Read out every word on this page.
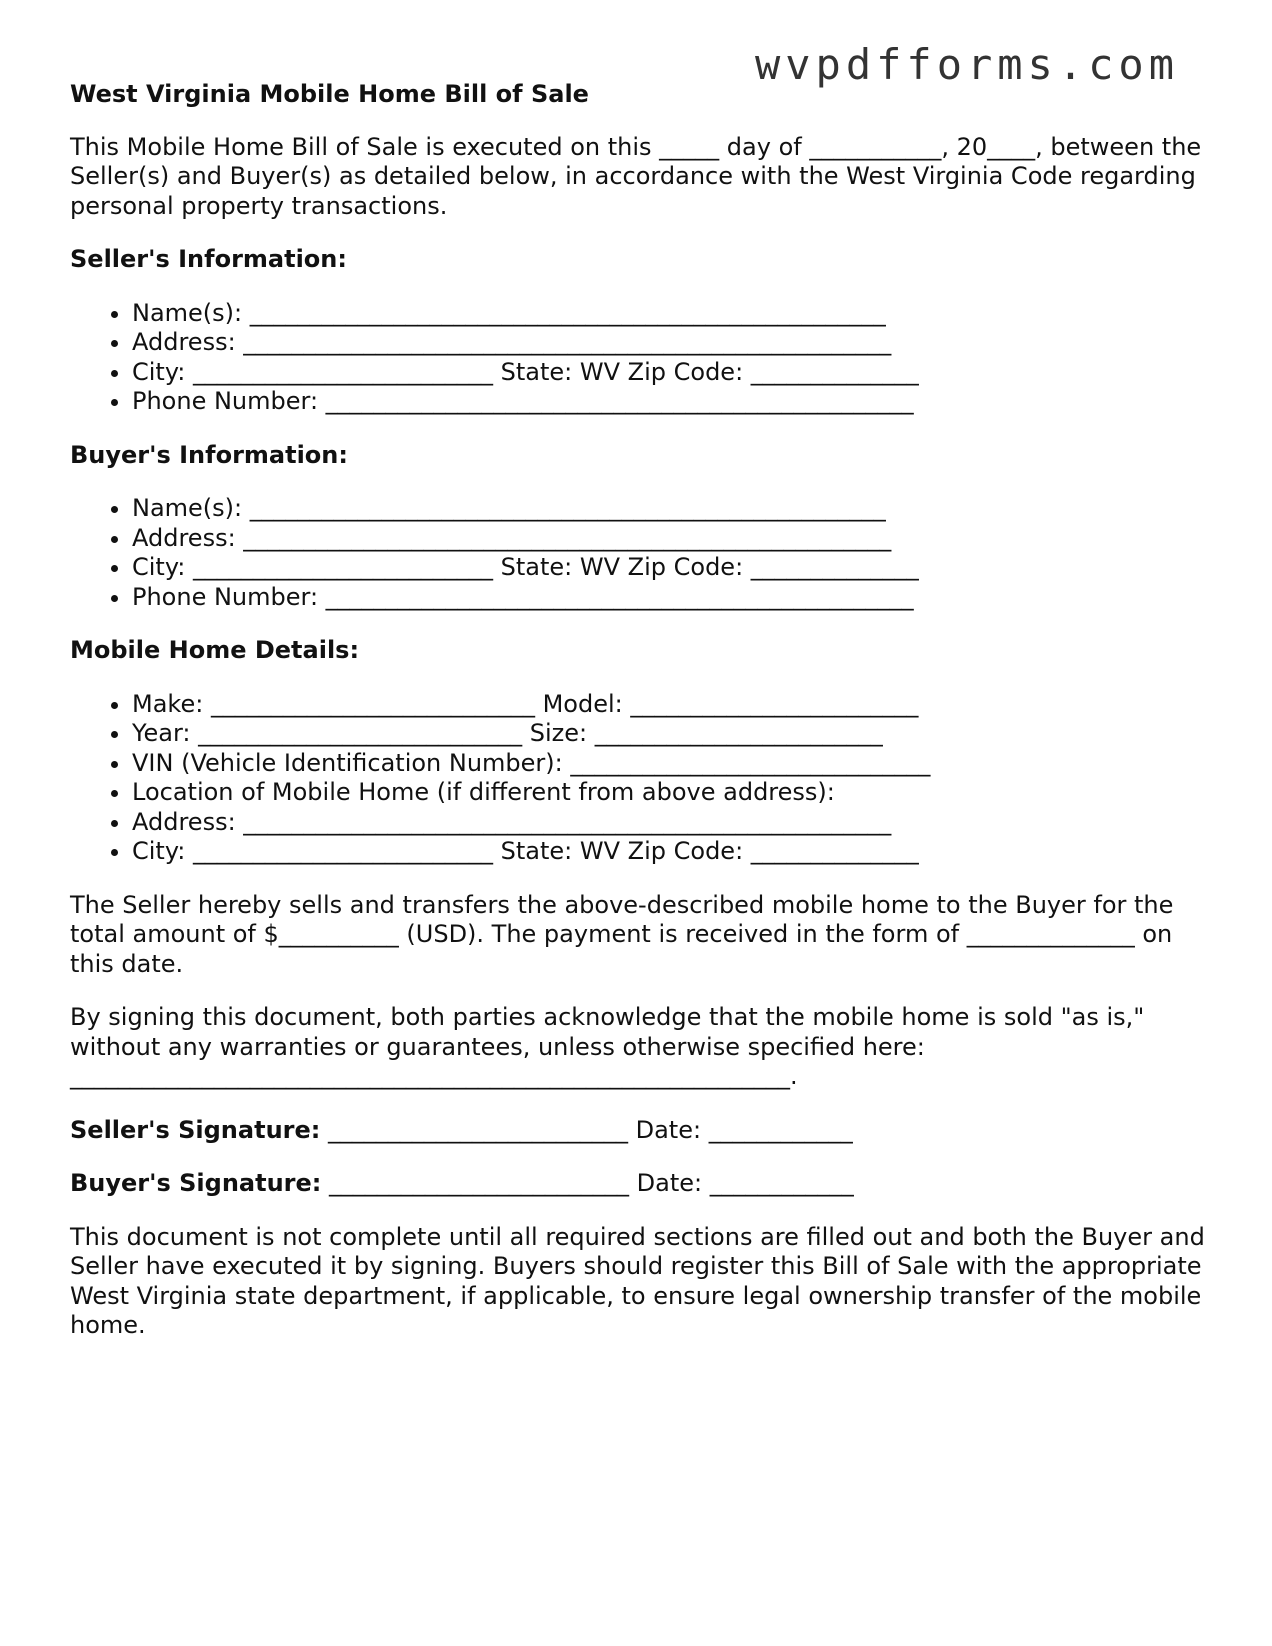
wvpdfforms.com
West Virginia Mobile Home Bill of Sale

This Mobile Home Bill of Sale is executed on this _____ day of ___________, 20____, between the Seller(s) and Buyer(s) as detailed below, in accordance with the West Virginia Code regarding personal property transactions.

Seller's Information:
• Name(s): _____________________________________________________
• Address: ______________________________________________________
• City: _________________________ State: WV Zip Code: ______________
• Phone Number: _________________________________________________
Buyer's Information:
• Name(s): _____________________________________________________
• Address: ______________________________________________________
• City: _________________________ State: WV Zip Code: ______________
• Phone Number: _________________________________________________
Mobile Home Details:
• Make: ___________________________ Model: ________________________
• Year: ___________________________ Size: ________________________
• VIN (Vehicle Identification Number): ______________________________
• Location of Mobile Home (if different from above address):
• Address: ______________________________________________________
• City: _________________________ State: WV Zip Code: ______________

The Seller hereby sells and transfers the above-described mobile home to the Buyer for the total amount of $__________ (USD). The payment is received in the form of ______________ on this date.

By signing this document, both parties acknowledge that the mobile home is sold "as is," without any warranties or guarantees, unless otherwise specified here: ____________________________________________________________.

Seller's Signature: _________________________ Date: ____________
Buyer's Signature: _________________________ Date: ____________

This document is not complete until all required sections are filled out and both the Buyer and Seller have executed it by signing. Buyers should register this Bill of Sale with the appropriate West Virginia state department, if applicable, to ensure legal ownership transfer of the mobile home.
